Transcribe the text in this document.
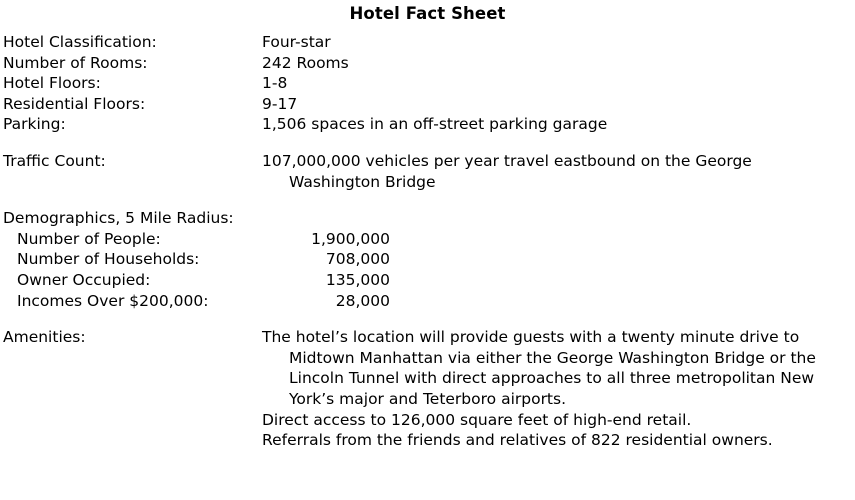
Hotel Fact Sheet
Hotel Classification:	Four-star
Number of Rooms:	242 Rooms
Hotel Floors:	1-8
Residential Floors:	9-17
Parking:	1,506 spaces in an off-street parking garage
Traffic Count:	107,000,000 vehicles per year travel eastbound on the George
Washington Bridge
Demographics, 5 Mile Radius:
Number of People:	1,900,000
Number of Households:	708,000
Owner Occupied:	135,000
Incomes Over $200,000:	28,000
Amenities:	The hotel’s location will provide guests with a twenty minute drive to
Midtown Manhattan via either the George Washington Bridge or the
Lincoln Tunnel with direct approaches to all three metropolitan New
York’s major and Teterboro airports.
Direct access to 126,000 square feet of high-end retail.
Referrals from the friends and relatives of 822 residential owners.
